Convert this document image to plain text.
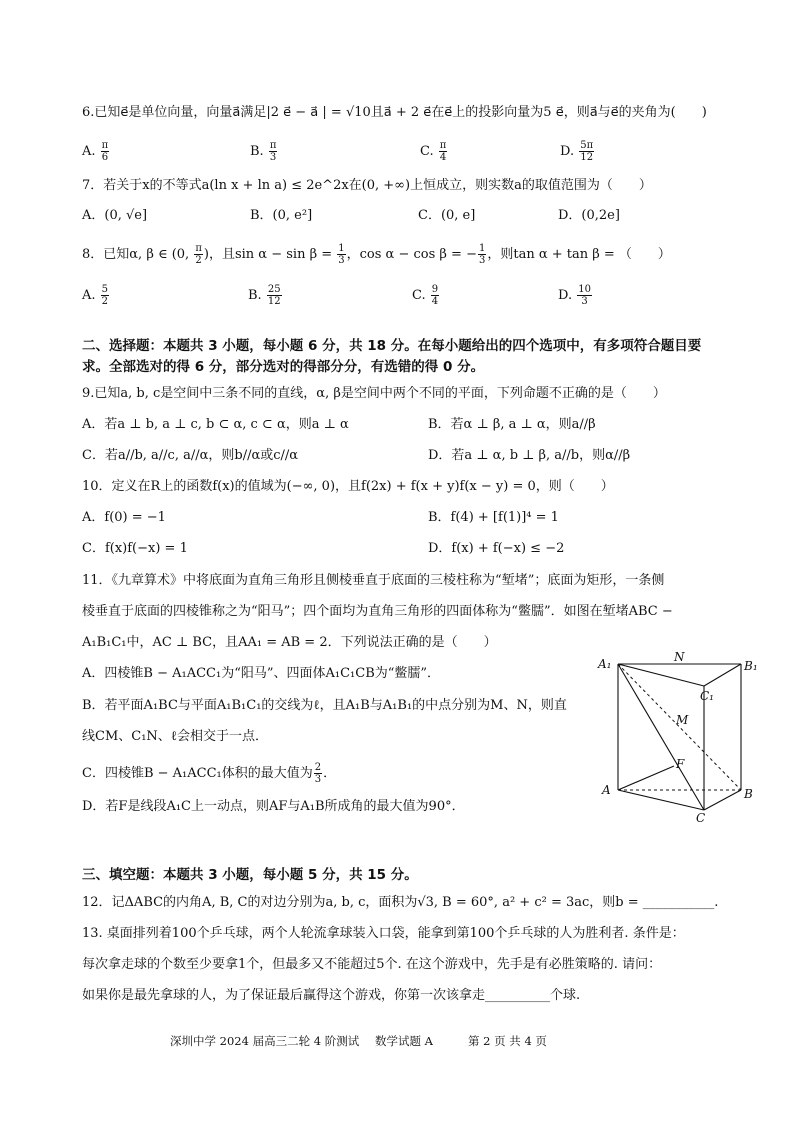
6.已知e⃗是单位向量，向量a⃗满足|2 e⃗ − a⃗ | = √10且a⃗ + 2 e⃗在e⃗上的投影向量为5 e⃗，则a⃗与e⃗的夹角为(　　)
A. $\frac{\pi}{6}$	B. $\frac{\pi}{3}$	C. $\frac{\pi}{4}$	D. $\frac{5\pi}{12}$
7．若关于x的不等式a(ln x + ln a) ≤ 2e^2x在(0, +∞)上恒成立，则实数a的取值范围为（　　）
A．(0, √e]	B．(0, e²]	C．(0, e]	D．(0,2e]
8．已知α, β ∈ (0, $\frac{\pi}{2}$ )，且$\sin \alpha - \sin \beta = \frac{1}{3}$ ，cos α − cos β = − $\frac{1}{3}$ ，则tan α + tan β = （　　）
A. $\frac{5}{2}$	B. $\frac{25}{12}$	C. $\frac{9}{4}$	D. $\frac{10}{3}$
二、选择题：本题共 3 小题，每小题 6 分，共 18 分。在每小题给出的四个选项中，有多项符合题目要
求。全部选对的得 6 分，部分选对的得部分分，有选错的得 0 分。
9.已知a, b, c是空间中三条不同的直线，α, β是空间中两个不同的平面，下列命题不正确的是（　　）
A．若a ⊥ b, a ⊥ c, b ⊂ α, c ⊂ α，则a ⊥ α	B．若α ⊥ β, a ⊥ α，则a//β
C．若a//b, a//c, a//α，则b//α或c//α	D．若a ⊥ α, b ⊥ β, a//b，则α//β
10．定义在R上的函数f(x)的值域为(−∞, 0)，且f(2x) + f(x + y)f(x − y) = 0，则（　　）
A．f(0) = −1	B．f(4) + [f(1)]⁴ = 1
C．f(x)f(−x) = 1	D．f(x) + f(−x) ≤ −2
11．《九章算术》中将底面为直角三角形且侧棱垂直于底面的三棱柱称为“堑堵”；底面为矩形，一条侧
棱垂直于底面的四棱锥称之为“阳马”；四个面均为直角三角形的四面体称为“鳖臑”．如图在堑堵ABC −
A₁B₁C₁中，AC ⊥ BC，且AA₁ = AB = 2．下列说法正确的是（　　）
A．四棱锥B − A₁ACC₁为“阳马”、四面体A₁C₁CB为“鳖臑”．
B．若平面A₁BC与平面A₁B₁C₁的交线为ℓ，且A₁B与A₁B₁的中点分别为M、N，则直
线CM、C₁N、ℓ会相交于一点．
C．四棱锥B − A₁ACC₁体积的最大值为 $\frac{2}{3}$ ．
D．若F是线段A₁C上一动点，则AF与A₁B所成角的最大值为90°．
A₁	N
B₁
C₁
M
F
A	B
C
三、填空题：本题共 3 小题，每小题 5 分，共 15 分。
12．记ΔABC的内角A, B, C的对边分别为a, b, c，面积为√3, B = 60°, a² + c² = 3ac，则b = ___________.
13. 桌面排列着100个乒乓球，两个人轮流拿球装入口袋，能拿到第100个乒乓球的人为胜利者. 条件是：
每次拿走球的个数至少要拿1个，但最多又不能超过5个. 在这个游戏中，先手是有必胜策略的. 请问：
如果你是最先拿球的人，为了保证最后赢得这个游戏，你第一次该拿走__________个球.
深圳中学 2024 届高三二轮 4 阶测试 数学试题 A	第 2 页 共 4 页
